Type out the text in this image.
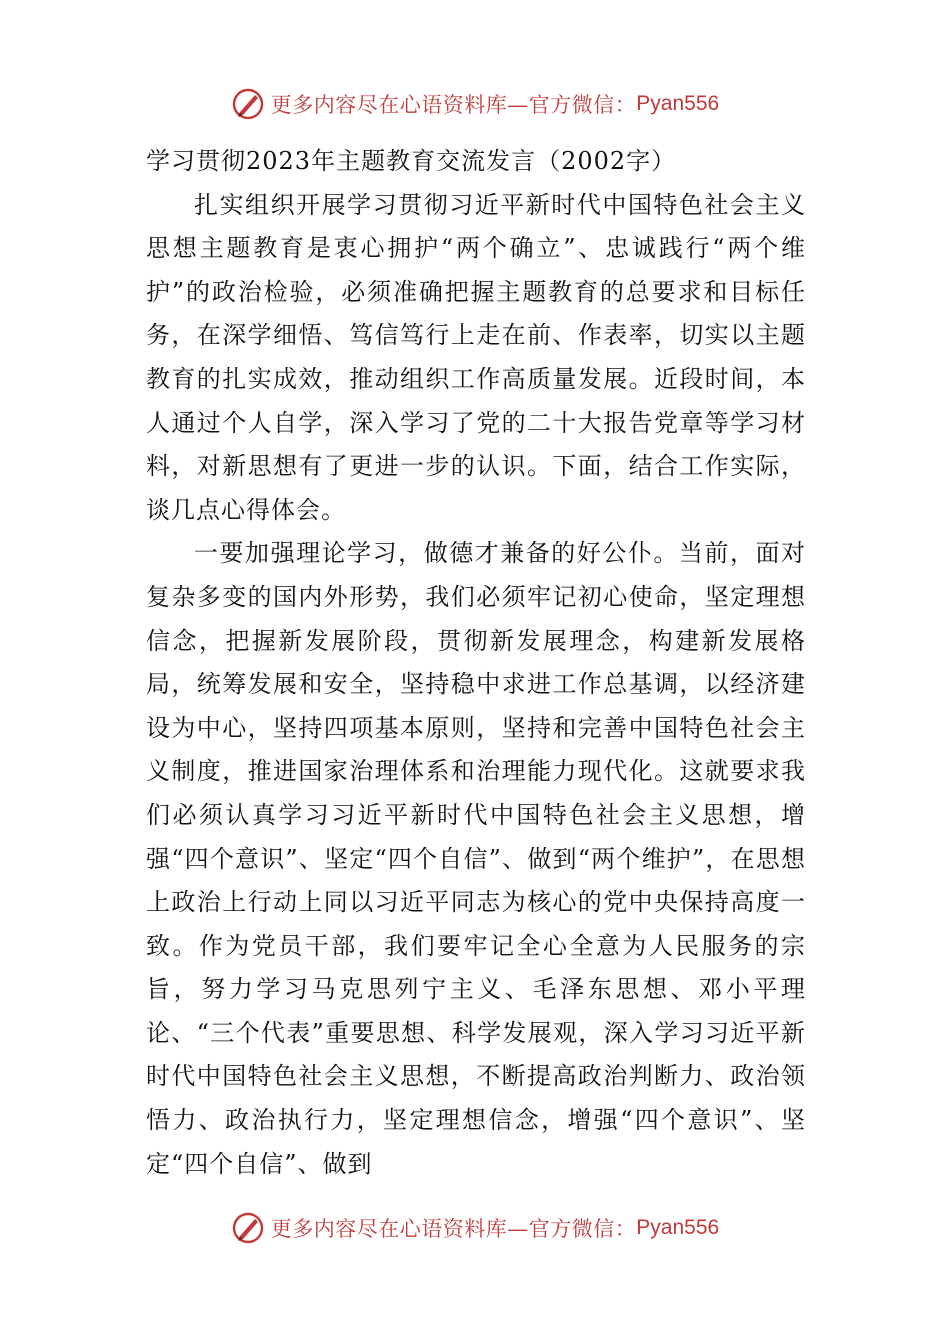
更多内容尽在心语资料库—官方微信： Pyan556

学习贯彻2023年主题教育交流发言（2002字）

扎实组织开展学习贯彻习近平新时代中国特色社会主义思想主题教育是衷心拥护“两个确立”、忠诚践行“两个维护”的政治检验，必须准确把握主题教育的总要求和目标任务，在深学细悟、笃信笃行上走在前、作表率，切实以主题教育的扎实成效，推动组织工作高质量发展。近段时间，本人通过个人自学，深入学习了党的二十大报告党章等学习材料，对新思想有了更进一步的认识。下面，结合工作实际，谈几点心得体会。

一要加强理论学习，做德才兼备的好公仆。当前，面对复杂多变的国内外形势，我们必须牢记初心使命，坚定理想信念，把握新发展阶段，贯彻新发展理念，构建新发展格局，统筹发展和安全，坚持稳中求进工作总基调，以经济建设为中心，坚持四项基本原则，坚持和完善中国特色社会主义制度，推进国家治理体系和治理能力现代化。这就要求我们必须认真学习习近平新时代中国特色社会主义思想，增强“四个意识”、坚定“四个自信”、做到“两个维护”，在思想上政治上行动上同以习近平同志为核心的党中央保持高度一致。作为党员干部，我们要牢记全心全意为人民服务的宗旨，努力学习马克思列宁主义、毛泽东思想、邓小平理论、“三个代表”重要思想、科学发展观，深入学习习近平新时代中国特色社会主义思想，不断提高政治判断力、政治领悟力、政治执行力，坚定理想信念，增强“四个意识”、坚定“四个自信”、做到

更多内容尽在心语资料库—官方微信： Pyan556
